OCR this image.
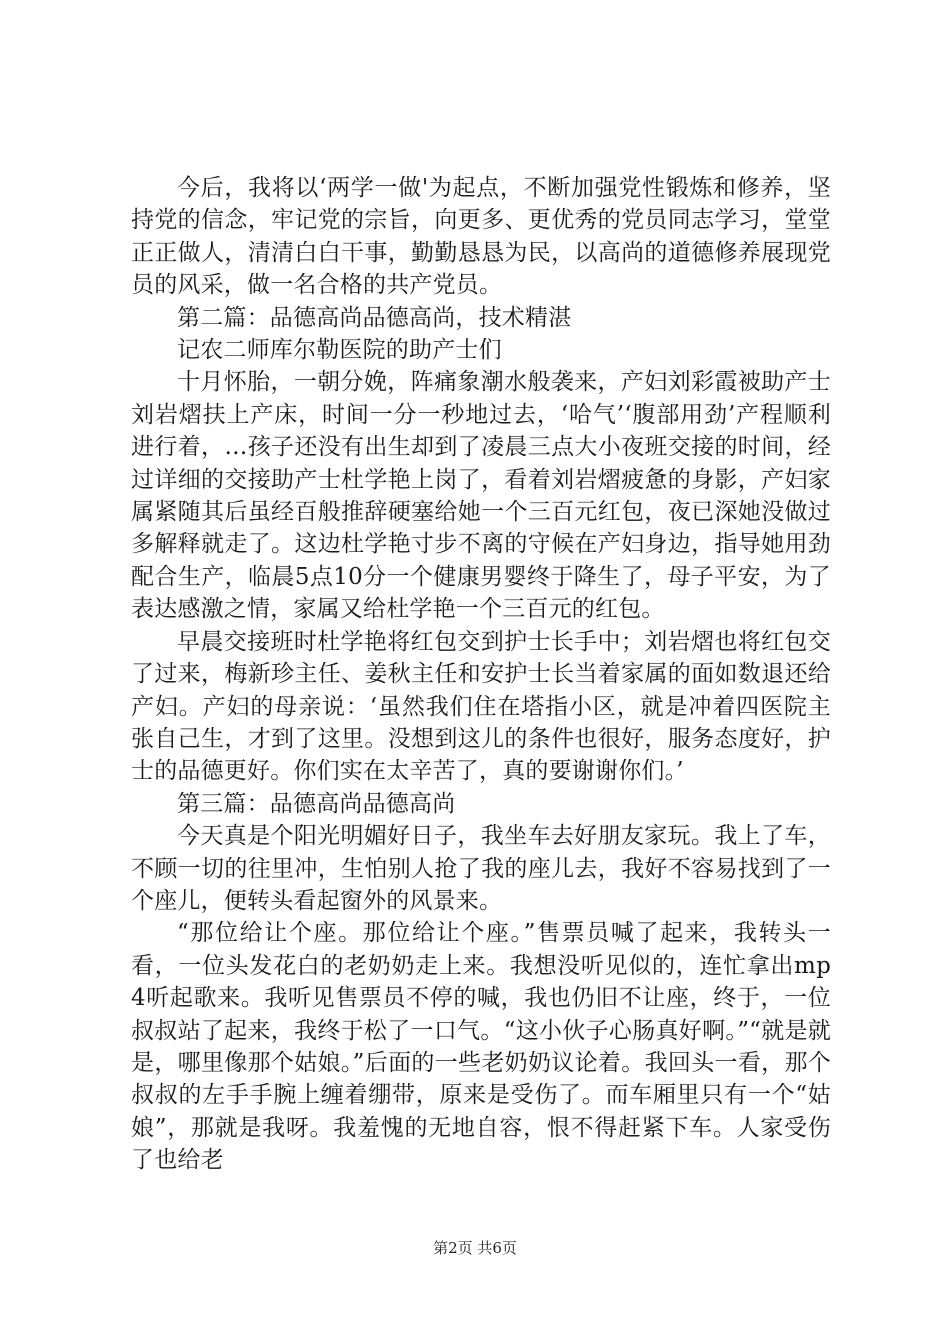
今后，我将以‘两学一做'为起点，不断加强党性锻炼和修养，坚持党的信念，牢记党的宗旨，向更多、更优秀的党员同志学习，堂堂正正做人，清清白白干事，勤勤恳恳为民，以高尚的道德修养展现党员的风采，做一名合格的共产党员。

第二篇：品德高尚品德高尚，技术精湛

记农二师库尔勒医院的助产士们

十月怀胎，一朝分娩，阵痛象潮水般袭来，产妇刘彩霞被助产士刘岩熠扶上产床，时间一分一秒地过去，‘哈气’‘腹部用劲’产程顺利进行着，…孩子还没有出生却到了凌晨三点大小夜班交接的时间，经过详细的交接助产士杜学艳上岗了，看着刘岩熠疲惫的身影，产妇家属紧随其后虽经百般推辞硬塞给她一个三百元红包，夜已深她没做过多解释就走了。这边杜学艳寸步不离的守候在产妇身边，指导她用劲配合生产，临晨5点10分一个健康男婴终于降生了，母子平安，为了表达感激之情，家属又给杜学艳一个三百元的红包。

早晨交接班时杜学艳将红包交到护士长手中；刘岩熠也将红包交了过来，梅新珍主任、姜秋主任和安护士长当着家属的面如数退还给产妇。产妇的母亲说：‘虽然我们住在塔指小区，就是冲着四医院主张自己生，才到了这里。没想到这儿的条件也很好，服务态度好，护士的品德更好。你们实在太辛苦了，真的要谢谢你们。’

第三篇：品德高尚品德高尚

今天真是个阳光明媚好日子，我坐车去好朋友家玩。我上了车，不顾一切的往里冲，生怕别人抢了我的座儿去，我好不容易找到了一个座儿，便转头看起窗外的风景来。

“那位给让个座。那位给让个座。”售票员喊了起来，我转头一看，一位头发花白的老奶奶走上来。我想没听见似的，连忙拿出mp4听起歌来。我听见售票员不停的喊，我也仍旧不让座，终于，一位叔叔站了起来，我终于松了一口气。“这小伙子心肠真好啊。”“就是就是，哪里像那个姑娘。”后面的一些老奶奶议论着。我回头一看，那个叔叔的左手手腕上缠着绷带，原来是受伤了。而车厢里只有一个“姑娘”，那就是我呀。我羞愧的无地自容，恨不得赶紧下车。人家受伤了也给老

第2页 共6页
